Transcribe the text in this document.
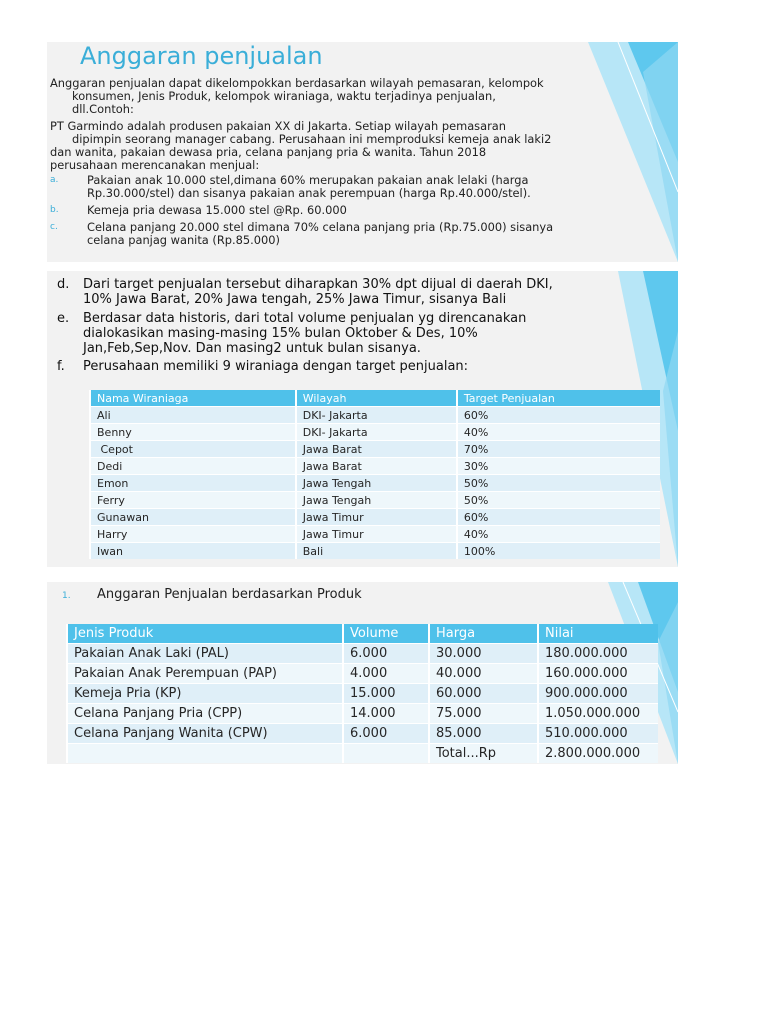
Anggaran penjualan
Anggaran penjualan dapat dikelompokkan berdasarkan wilayah pemasaran, kelompok

konsumen, Jenis Produk, kelompok wiraniaga, waktu terjadinya penjualan,
dll.Contoh:
PT Garmindo adalah produsen pakaian XX di Jakarta. Setiap wilayah pemasaran

dipimpin seorang manager cabang. Perusahaan ini memproduksi kemeja anak laki2
dan wanita, pakaian dewasa pria, celana panjang pria & wanita. Tahun 2018
perusahaan merencanakan menjual:
a.	Pakaian anak 10.000 stel,dimana 60% merupakan pakaian anak lelaki (harga
Rp.30.000/stel) dan sisanya pakaian anak perempuan (harga Rp.40.000/stel).
b. Kemeja pria dewasa 15.000 stel @Rp. 60.000
c.	Celana panjang 20.000 stel dimana 70% celana panjang pria (Rp.75.000) sisanya
celana panjag wanita (Rp.85.000)
d. Dari target penjualan tersebut diharapkan 30% dpt dijual di daerah DKI,
10% Jawa Barat, 20% Jawa tengah, 25% Jawa Timur, sisanya Bali
e. Berdasar data historis, dari total volume penjualan yg direncanakan
dialokasikan masing-masing 15% bulan Oktober & Des, 10%
Jan,Feb,Sep,Nov. Dan masing2 untuk bulan sisanya.
f. Perusahaan memiliki 9 wiraniaga dengan target penjualan:
Nama Wiraniaga	Wilayah	Target Penjualan
Ali	DKI- Jakarta	60%
Benny	DKI- Jakarta	40%
Cepot	Jawa Barat	70%
Dedi	Jawa Barat	30%
Emon	Jawa Tengah	50%
Ferry	Jawa Tengah	50%
Gunawan	Jawa Timur	60%
Harry	Jawa Timur	40%
Iwan	Bali	100%
1. Anggaran Penjualan berdasarkan Produk
Jenis Produk	Volume	Harga	Nilai
Pakaian Anak Laki (PAL)	6.000	30.000	180.000.000
Pakaian Anak Perempuan (PAP)	4.000	40.000	160.000.000
Kemeja Pria (KP)	15.000	60.000	900.000.000
Celana Panjang Pria (CPP)	14.000	75.000	1.050.000.000
Celana Panjang Wanita (CPW)	6.000	85.000	510.000.000
		Total...Rp	2.800.000.000
